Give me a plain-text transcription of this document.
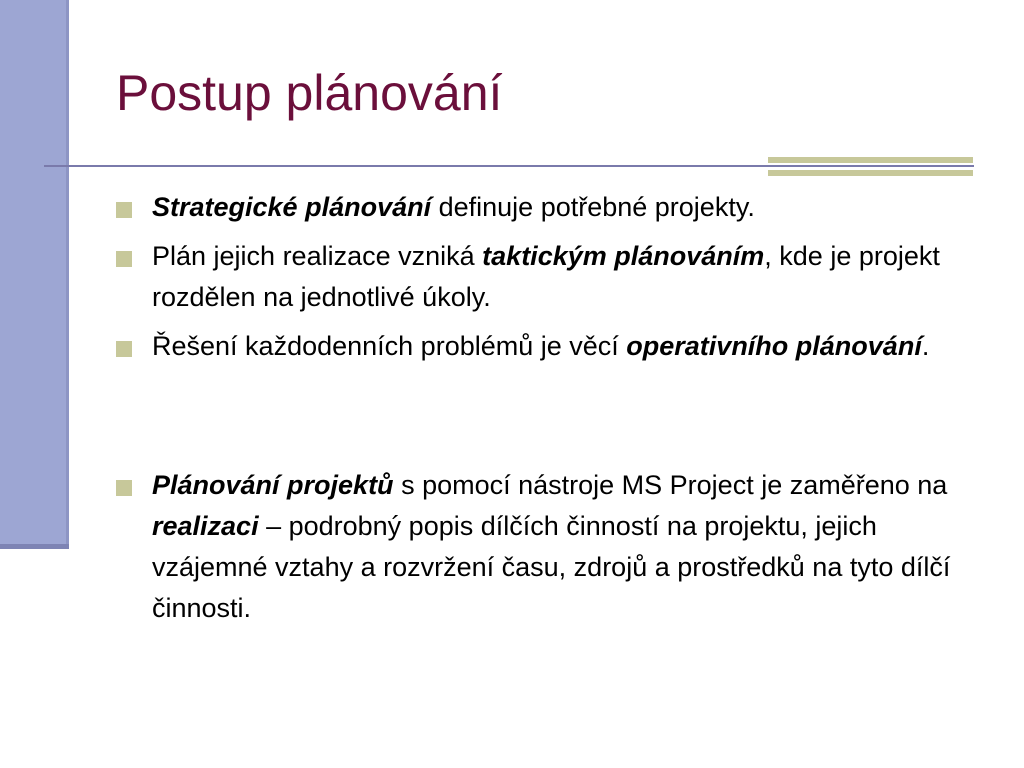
Postup plánování
Strategické plánování definuje potřebné projekty.
Plán jejich realizace vzniká taktickým plánováním, kde je projekt rozdělen na jednotlivé úkoly.
Řešení každodenních problémů je věcí operativního plánování.
Plánování projektů s pomocí nástroje MS Project je zaměřeno na realizaci – podrobný popis dílčích činností na projektu, jejich vzájemné vztahy a rozvržení času, zdrojů a prostředků na tyto dílčí činnosti.
